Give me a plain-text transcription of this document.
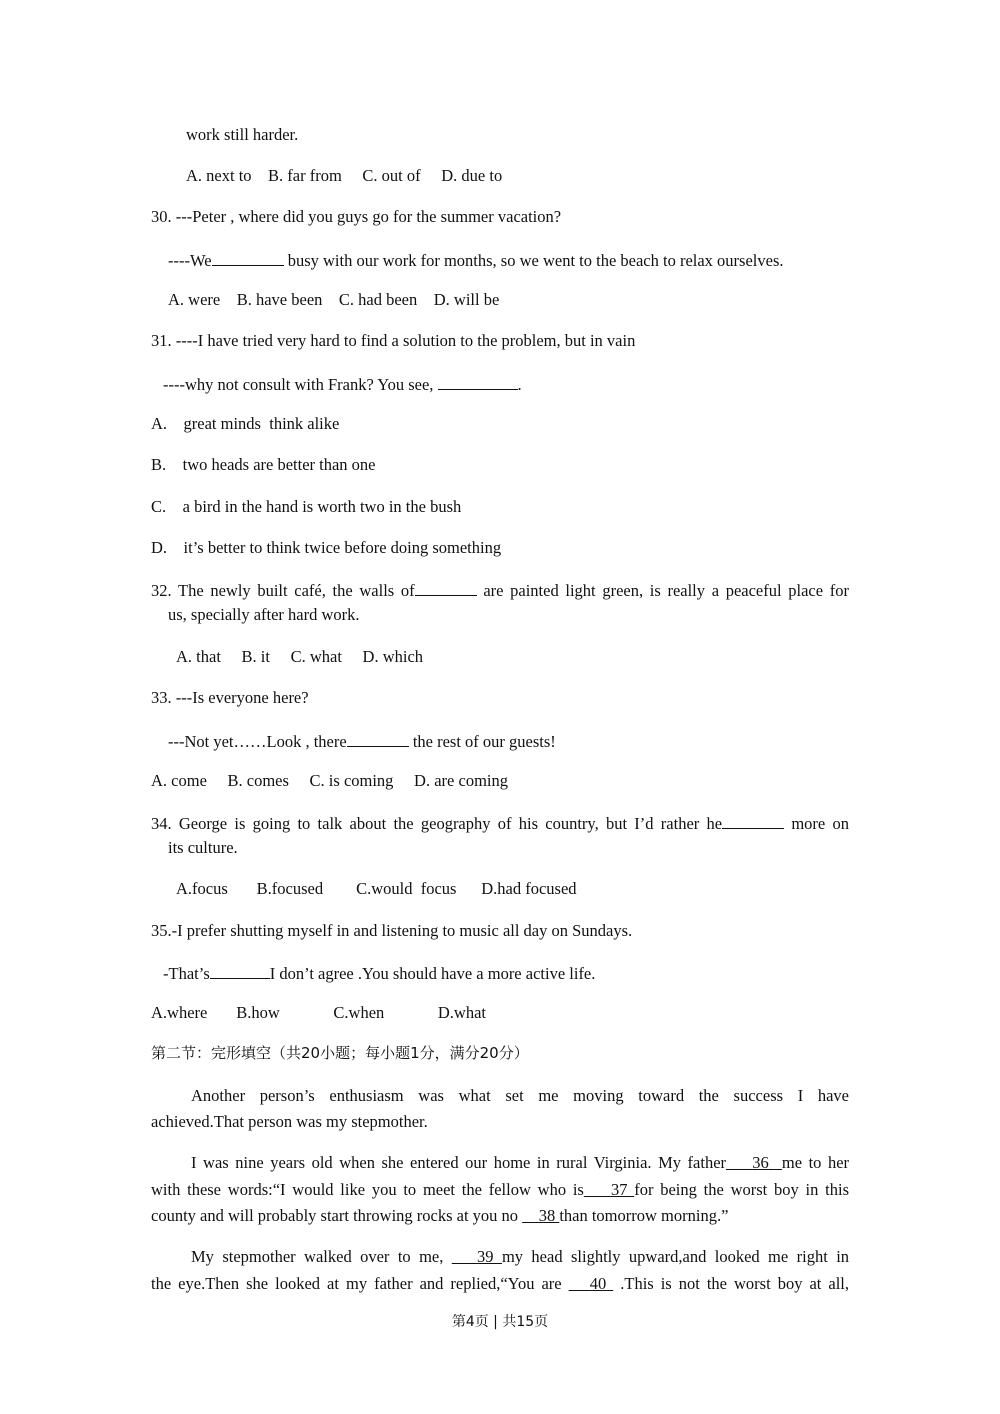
work still harder.
A. next to    B. far from     C. out of     D. due to
30. ---Peter , where did you guys go for the summer vacation?
----We	busy with our work for months, so we went to the beach to relax ourselves.
A. were    B. have been    C. had been    D. will be
31. ----I have tried very hard to find a solution to the problem, but in vain
----why not consult with Frank? You see,	.
A.    great minds  think alike
B.    two heads are better than one
C.    a bird in the hand is worth two in the bush
D.    it’s better to think twice before doing something
32. The newly built café, the walls of	are painted light green, is really a peaceful place for
us, specially after hard work.
A. that     B. it     C. what     D. which
33. ---Is everyone here?
---Not yet……Look , there	the rest of our guests!
A. come     B. comes     C. is coming     D. are coming
34. George is going to talk about the geography of his country, but I’d rather he	more on
its culture.
A.focus       B.focused        C.would  focus      D.had focused
35.-I prefer shutting myself in and listening to music all day on Sundays.
-That’s	I don’t agree .You should have a more active life.
A.where       B.how             C.when             D.what
第二节：完形填空（共20小题；每小题1分，满分20分）
Another person’s enthusiasm was what set me moving toward the success I have
achieved.That person was my stepmother.
I was nine years old when she entered our home in rural Virginia. My father 36 me to her
with these words:“I would like you to meet the fellow who is 37 for being the worst boy in this
county and will probably start throwing rocks at you no     38 than tomorrow morning.”
My stepmother walked over to me,    39 my head slightly upward,and looked me right in
the eye.Then she looked at my father and replied,“You are    40  .This is not the worst boy at all,
第4页 | 共15页
